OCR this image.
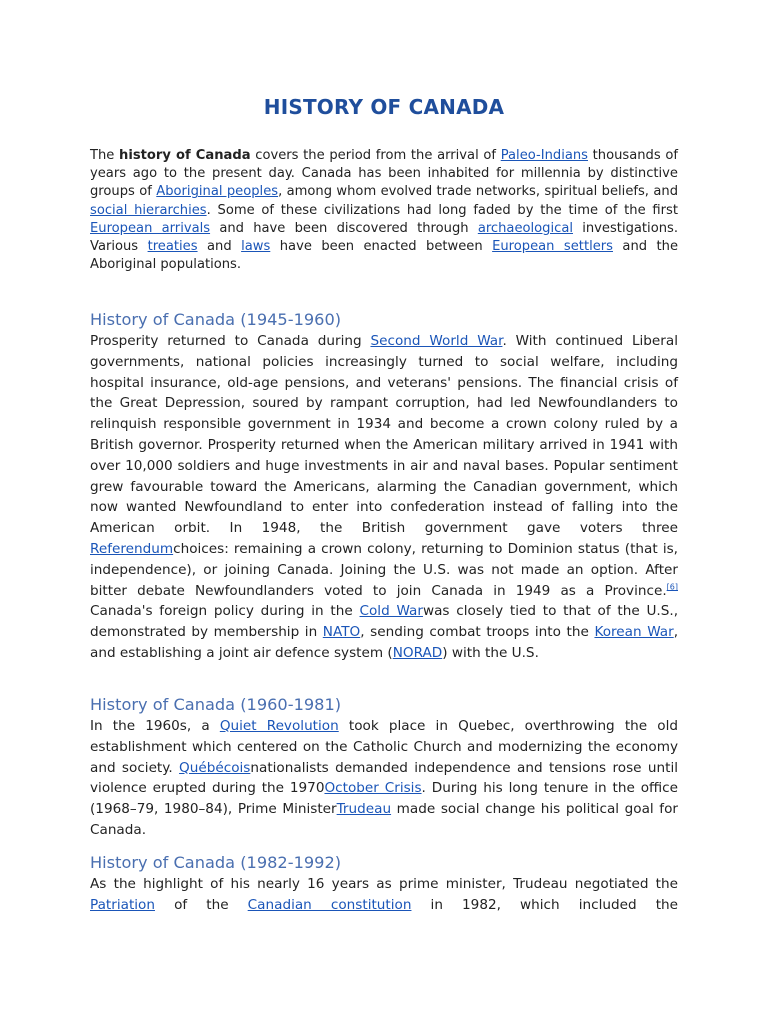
HISTORY OF CANADA

The history of Canada covers the period from the arrival of Paleo-Indians thousands of years ago to the present day. Canada has been inhabited for millennia by distinctive groups of Aboriginal peoples, among whom evolved trade networks, spiritual beliefs, and social hierarchies. Some of these civilizations had long faded by the time of the first European arrivals and have been discovered through archaeological investigations. Various treaties and laws have been enacted between European settlers and the Aboriginal populations.

History of Canada (1945-1960)

Prosperity returned to Canada during Second World War. With continued Liberal governments, national policies increasingly turned to social welfare, including hospital insurance, old-age pensions, and veterans' pensions. The financial crisis of the Great Depression, soured by rampant corruption, had led Newfoundlanders to relinquish responsible government in 1934 and become a crown colony ruled by a British governor. Prosperity returned when the American military arrived in 1941 with over 10,000 soldiers and huge investments in air and naval bases. Popular sentiment grew favourable toward the Americans, alarming the Canadian government, which now wanted Newfoundland to enter into confederation instead of falling into the American orbit. In 1948, the British government gave voters three Referendumchoices: remaining a crown colony, returning to Dominion status (that is, independence), or joining Canada. Joining the U.S. was not made an option. After bitter debate Newfoundlanders voted to join Canada in 1949 as a Province.[6] Canada's foreign policy during in the Cold Warwas closely tied to that of the U.S., demonstrated by membership in NATO, sending combat troops into the Korean War, and establishing a joint air defence system (NORAD) with the U.S.

History of Canada (1960-1981)

In the 1960s, a Quiet Revolution took place in Quebec, overthrowing the old establishment which centered on the Catholic Church and modernizing the economy and society. Québécoisnationalists demanded independence and tensions rose until violence erupted during the 1970October Crisis. During his long tenure in the office (1968–79, 1980–84), Prime MinisterTrudeau made social change his political goal for Canada.

History of Canada (1982-1992)

As the highlight of his nearly 16 years as prime minister, Trudeau negotiated the Patriation of the Canadian constitution in 1982, which included the
